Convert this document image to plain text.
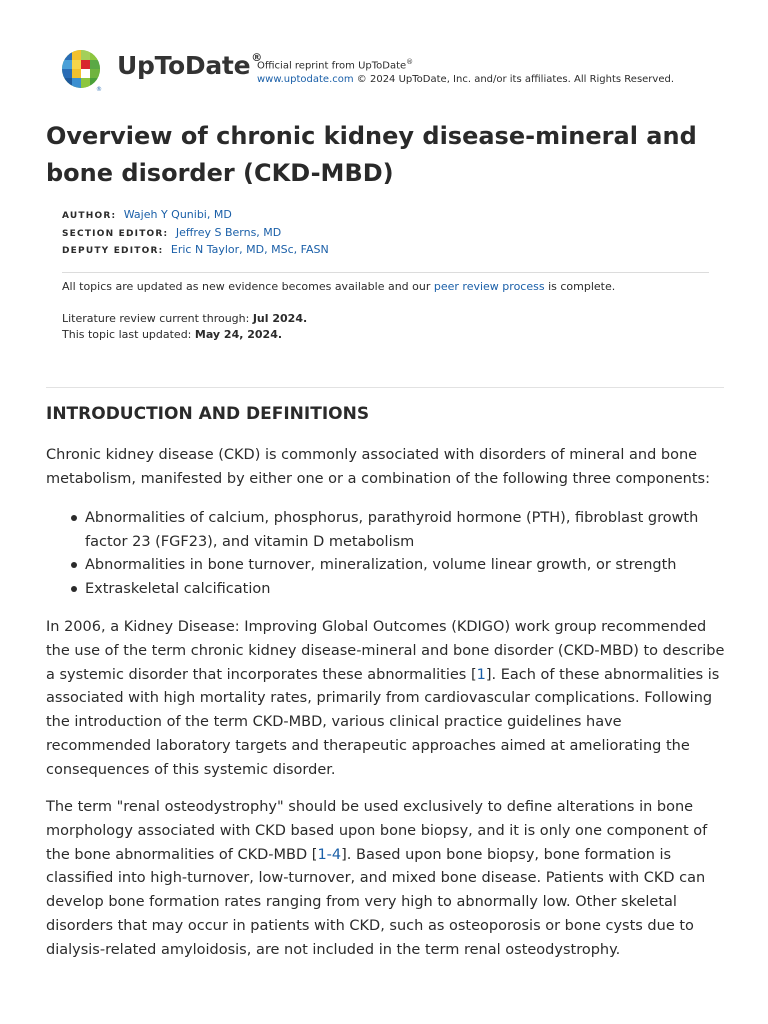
®
UpToDate®
Official reprint from UpToDate®
www.uptodate.com © 2024 UpToDate, Inc. and/or its affiliates. All Rights Reserved.
Overview of chronic kidney disease-mineral and bone disorder (CKD-MBD)
AUTHOR: Wajeh Y Qunibi, MD
SECTION EDITOR: Jeffrey S Berns, MD
DEPUTY EDITOR: Eric N Taylor, MD, MSc, FASN
All topics are updated as new evidence becomes available and our peer review process is complete.
Literature review current through: Jul 2024.
This topic last updated: May 24, 2024.
INTRODUCTION AND DEFINITIONS

Chronic kidney disease (CKD) is commonly associated with disorders of mineral and bone metabolism, manifested by either one or a combination of the following three components:

Abnormalities of calcium, phosphorus, parathyroid hormone (PTH), fibroblast growth factor 23 (FGF23), and vitamin D metabolism
Abnormalities in bone turnover, mineralization, volume linear growth, or strength
Extraskeletal calcification

In 2006, a Kidney Disease: Improving Global Outcomes (KDIGO) work group recommended the use of the term chronic kidney disease-mineral and bone disorder (CKD-MBD) to describe a systemic disorder that incorporates these abnormalities [1]. Each of these abnormalities is associated with high mortality rates, primarily from cardiovascular complications. Following the introduction of the term CKD-MBD, various clinical practice guidelines have recommended laboratory targets and therapeutic approaches aimed at ameliorating the consequences of this systemic disorder.

The term "renal osteodystrophy" should be used exclusively to define alterations in bone morphology associated with CKD based upon bone biopsy, and it is only one component of the bone abnormalities of CKD-MBD [1-4]. Based upon bone biopsy, bone formation is classified into high-turnover, low-turnover, and mixed bone disease. Patients with CKD can develop bone formation rates ranging from very high to abnormally low. Other skeletal disorders that may occur in patients with CKD, such as osteoporosis or bone cysts due to dialysis-related amyloidosis, are not included in the term renal osteodystrophy.
